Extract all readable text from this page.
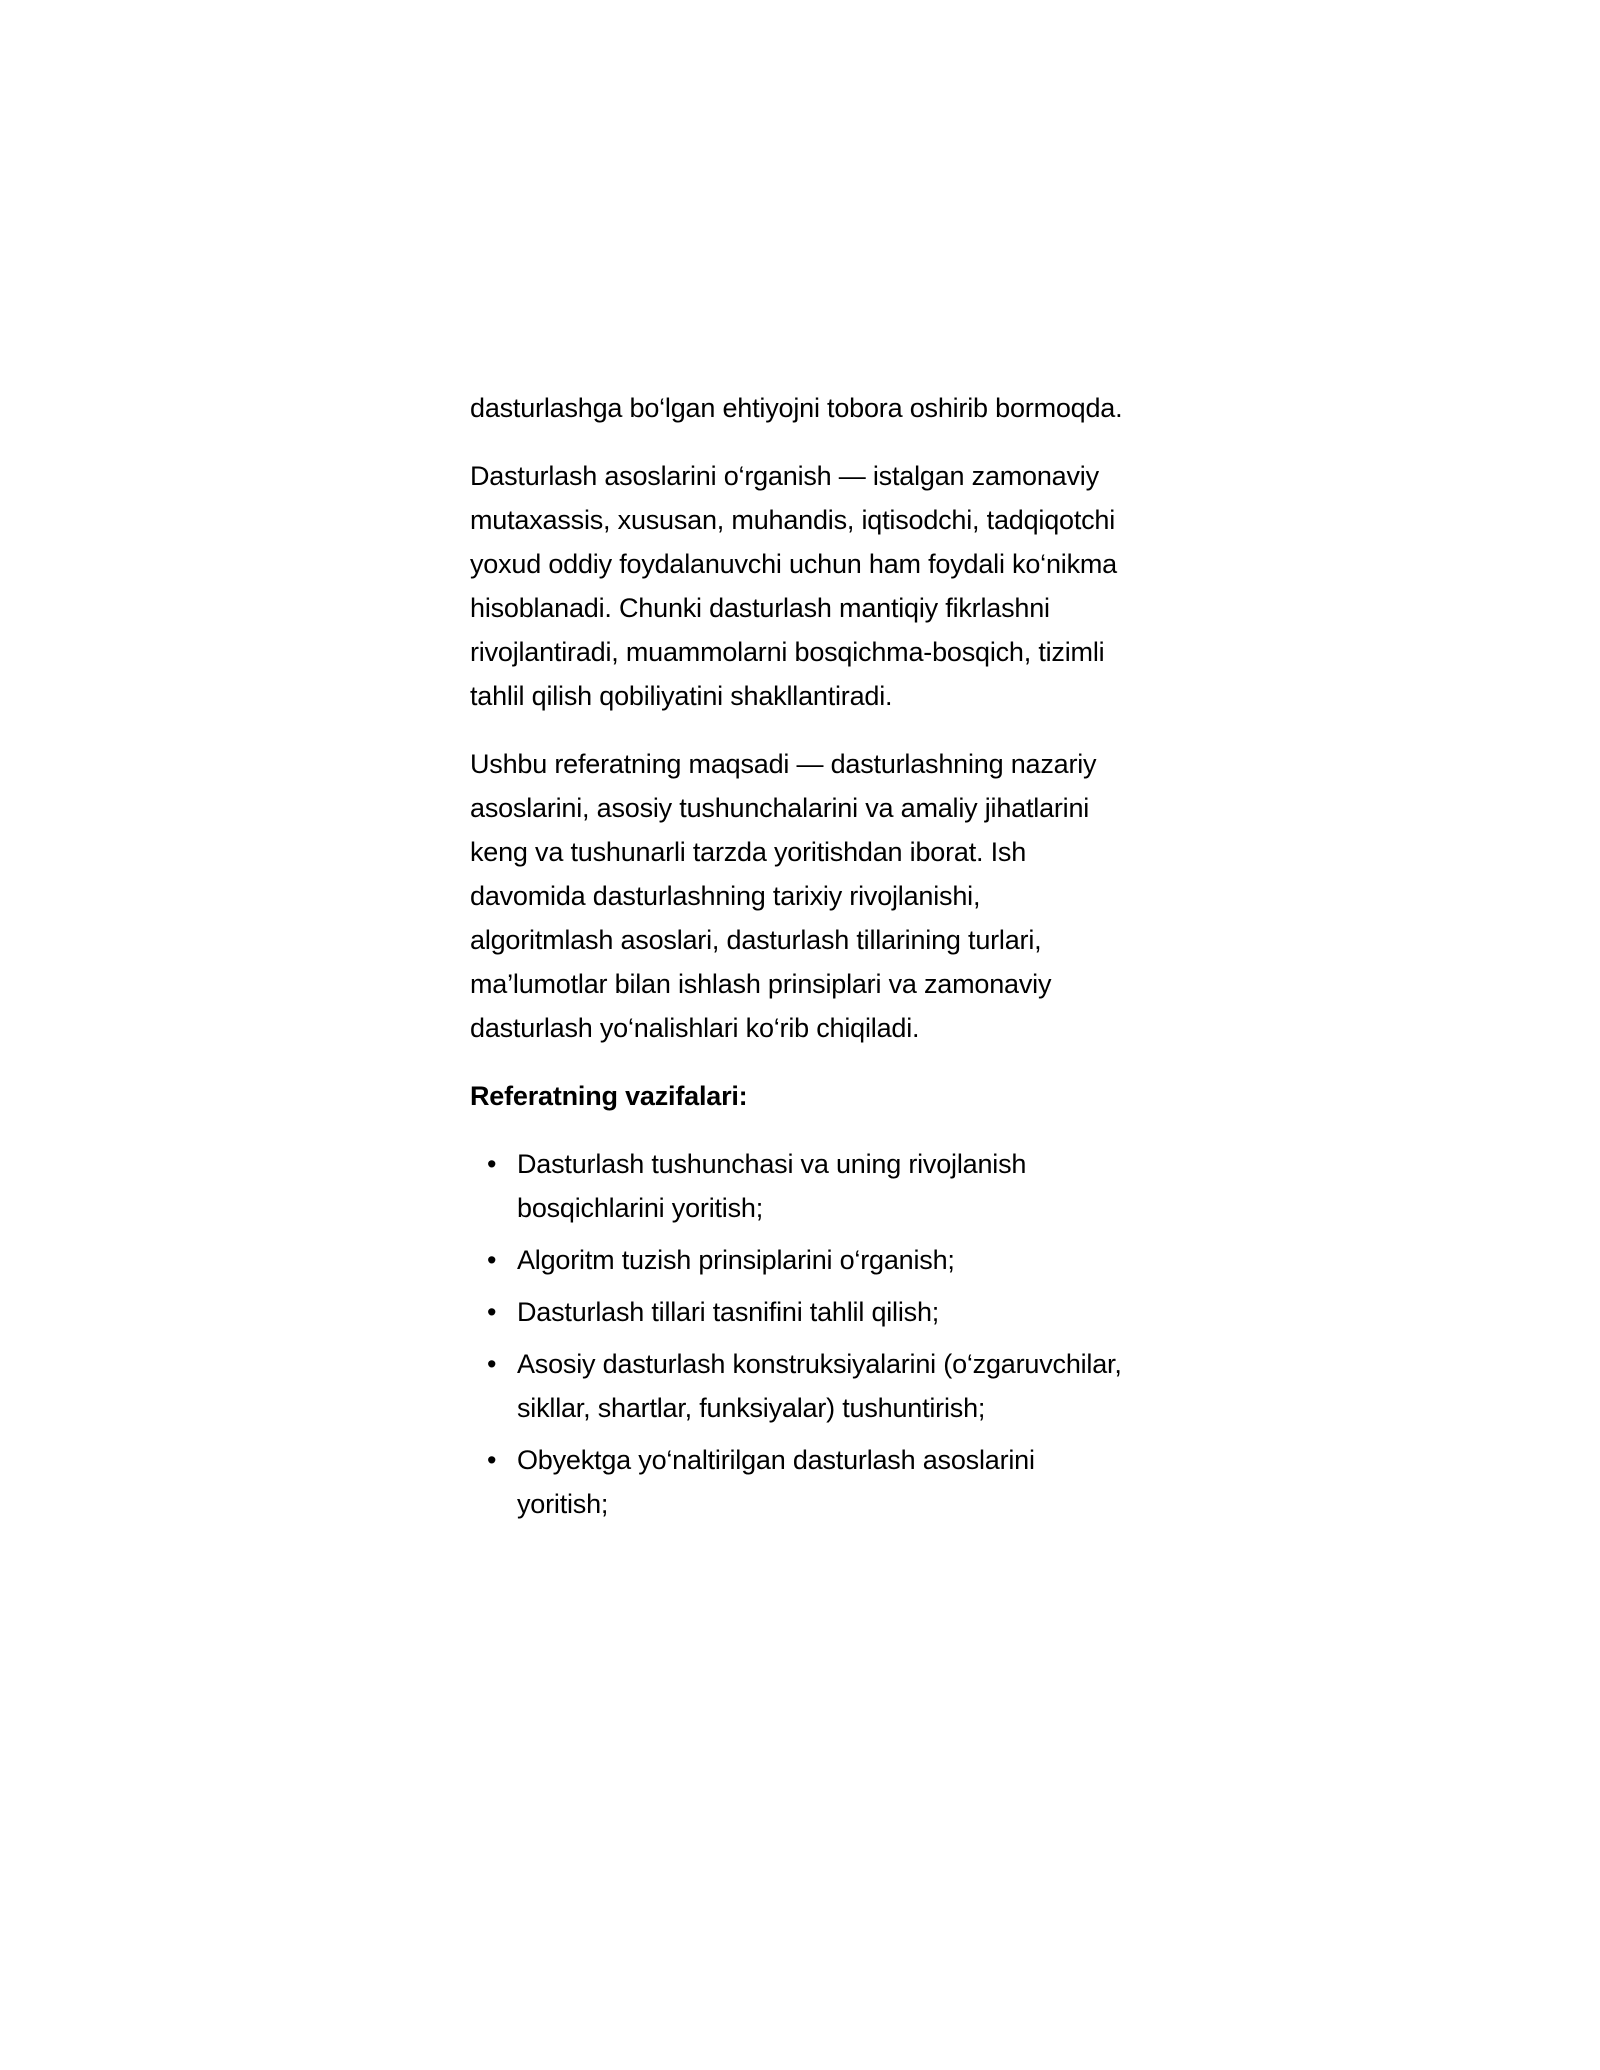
dasturlashga bo‘lgan ehtiyojni tobora oshirib bormoqda.

Dasturlash asoslarini o‘rganish — istalgan zamonaviy mutaxassis, xususan, muhandis, iqtisodchi, tadqiqotchi yoxud oddiy foydalanuvchi uchun ham foydali ko‘nikma hisoblanadi. Chunki dasturlash mantiqiy fikrlashni rivojlantiradi, muammolarni bosqichma-bosqich, tizimli tahlil qilish qobiliyatini shakllantiradi.

Ushbu referatning maqsadi — dasturlashning nazariy asoslarini, asosiy tushunchalarini va amaliy jihatlarini keng va tushunarli tarzda yoritishdan iborat. Ish davomida dasturlashning tarixiy rivojlanishi, algoritmlash asoslari, dasturlash tillarining turlari, ma’lumotlar bilan ishlash prinsiplari va zamonaviy dasturlash yo‘nalishlari ko‘rib chiqiladi.

Referatning vazifalari:

• Dasturlash tushunchasi va uning rivojlanish bosqichlarini yoritish;
• Algoritm tuzish prinsiplarini o‘rganish;
• Dasturlash tillari tasnifini tahlil qilish;
• Asosiy dasturlash konstruksiyalarini (o‘zgaruvchilar, sikllar, shartlar, funksiyalar) tushuntirish;
• Obyektga yo‘naltirilgan dasturlash asoslarini yoritish;
